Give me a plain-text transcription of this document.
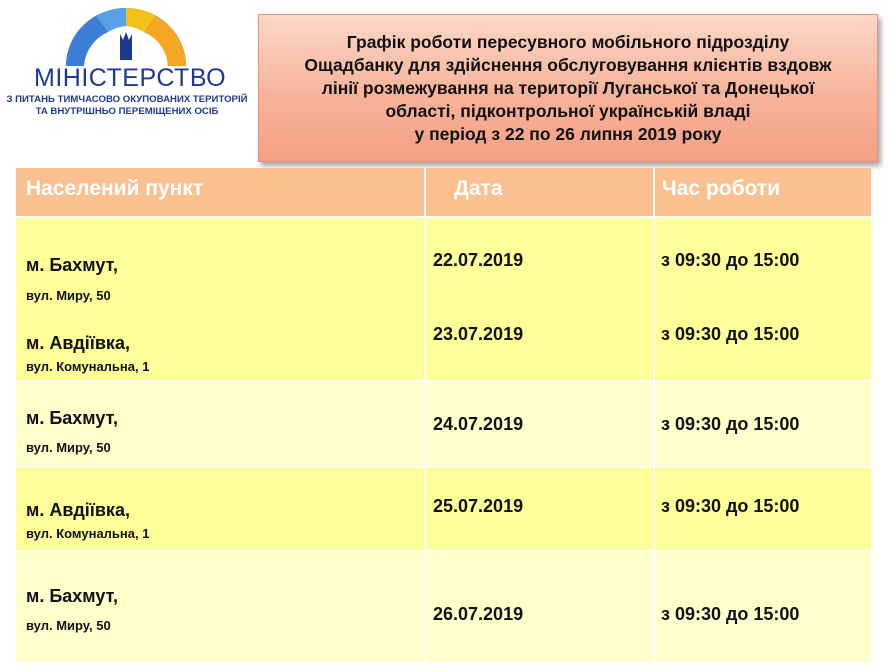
МІНІСТЕРСТВО
З ПИТАНЬ ТИМЧАСОВО ОКУПОВАНИХ ТЕРИТОРІЙ
ТА ВНУТРІШНЬО ПЕРЕМІЩЕНИХ ОСІБ
Графік роботи пересувного мобільного підрозділу
Ощадбанку для здійснення обслуговування клієнтів вздовж
лінії розмежування на території Луганської та Донецької
області, підконтрольної українській владі
у період з 22 по 26 липня 2019 року
Населений пункт	Дата	Час роботи
м. Бахмут,
вул. Миру, 50
22.07.2019	з 09:30 до 15:00
м. Авдіївка,
вул. Комунальна, 1
23.07.2019	з 09:30 до 15:00
м. Бахмут,
вул. Миру, 50
24.07.2019	з 09:30 до 15:00
м. Авдіївка,
вул. Комунальна, 1
25.07.2019	з 09:30 до 15:00
м. Бахмут,
вул. Миру, 50
26.07.2019	з 09:30 до 15:00
